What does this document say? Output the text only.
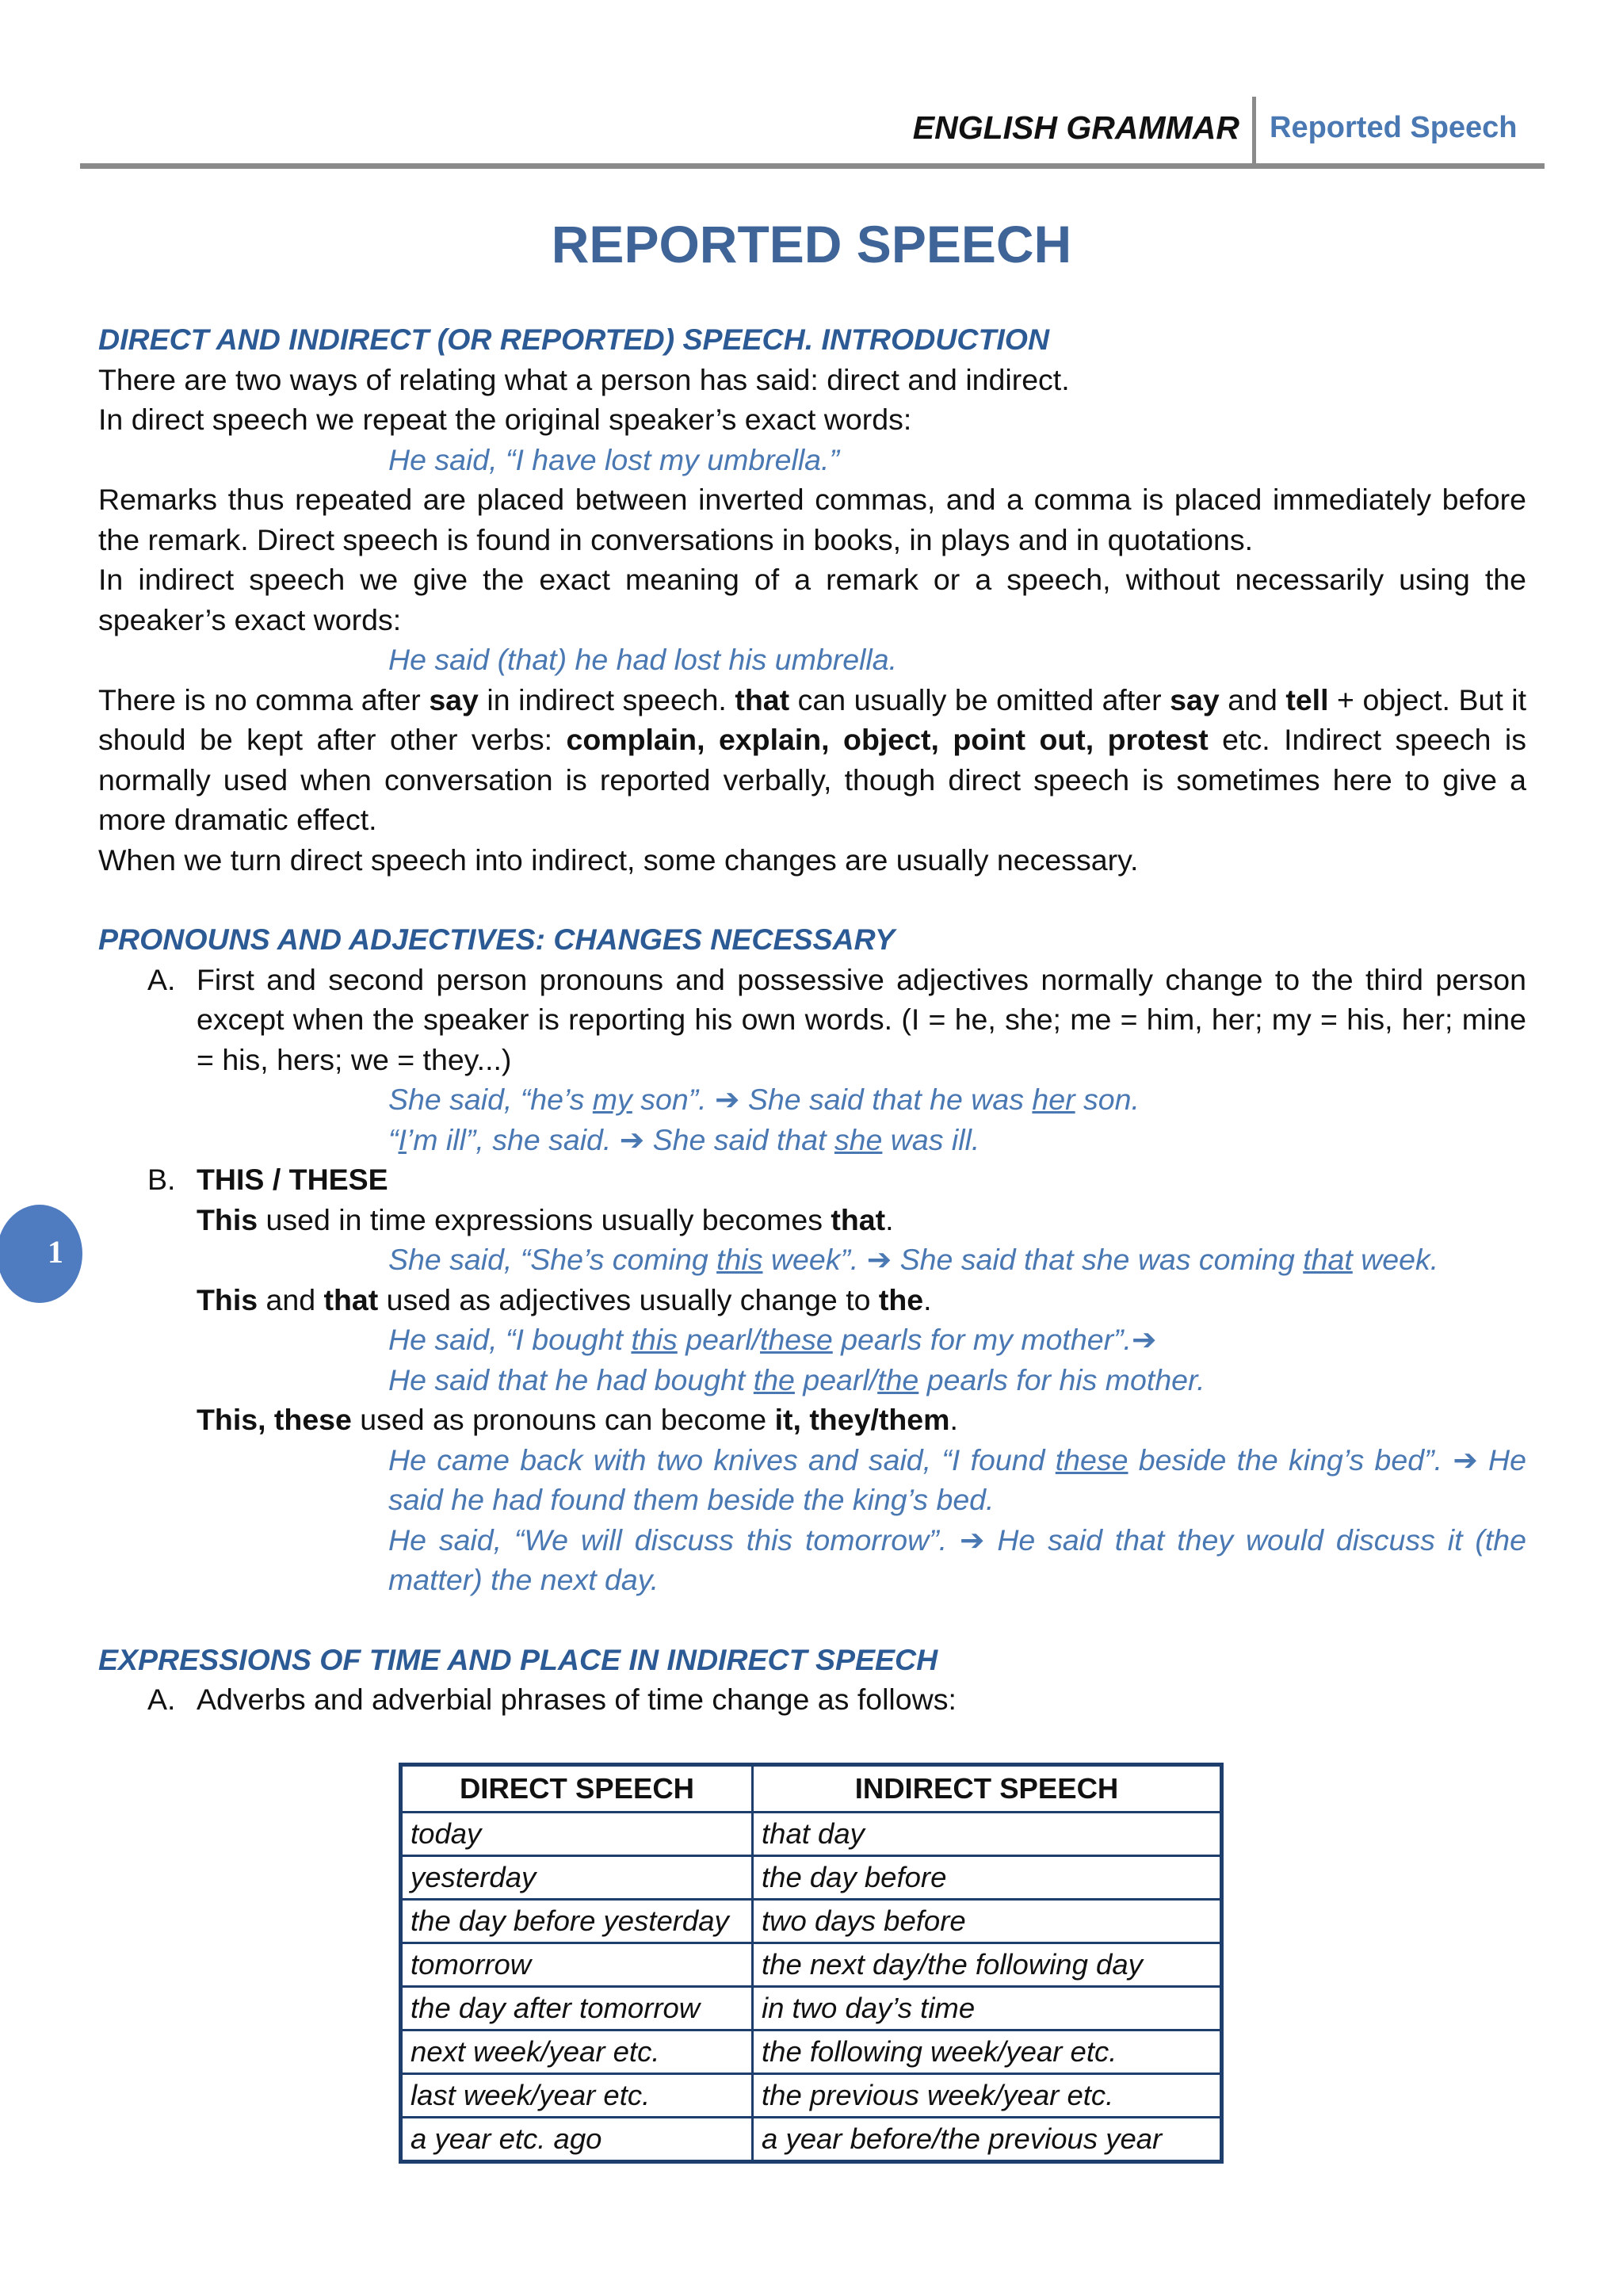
ENGLISH GRAMMAR Reported Speech
REPORTED SPEECH

DIRECT AND INDIRECT (OR REPORTED) SPEECH. INTRODUCTION

There are two ways of relating what a person has said: direct and indirect.

In direct speech we repeat the original speaker’s exact words:

He said, “I have lost my umbrella.”

Remarks thus repeated are placed between inverted commas, and a comma is placed immediately before the remark. Direct speech is found in conversations in books, in plays and in quotations.

In indirect speech we give the exact meaning of a remark or a speech, without necessarily using the speaker’s exact words:

He said (that) he had lost his umbrella.

There is no comma after say in indirect speech. that can usually be omitted after say and tell + object. But it should be kept after other verbs: complain, explain, object, point out, protest etc. Indirect speech is normally used when conversation is reported verbally, though direct speech is sometimes here to give a more dramatic effect.

When we turn direct speech into indirect, some changes are usually necessary.

PRONOUNS AND ADJECTIVES: CHANGES NECESSARY

A. First and second person pronouns and possessive adjectives normally change to the third person except when the speaker is reporting his own words. (I = he, she; me = him, her; my = his, her; mine = his, hers; we = they...)

She said, “he’s my son”. ➔ She said that he was her son.

“I’m ill”, she said. ➔ She said that she was ill.

B. THIS / THESE

This used in time expressions usually becomes that.

She said, “She’s coming this week”. ➔ She said that she was coming that week.

This and that used as adjectives usually change to the.

He said, “I bought this pearl/these pearls for my mother”.➔

He said that he had bought the pearl/the pearls for his mother.

This, these used as pronouns can become it, they/them.

He came back with two knives and said, “I found these beside the king’s bed”. ➔ He said he had found them beside the king’s bed.

He said, “We will discuss this tomorrow”. ➔ He said that they would discuss it (the matter) the next day.

EXPRESSIONS OF TIME AND PLACE IN INDIRECT SPEECH

A. Adverbs and adverbial phrases of time change as follows:
DIRECT SPEECH	INDIRECT SPEECH
today	that day
yesterday	the day before
the day before yesterday	two days before
tomorrow	the next day/the following day
the day after tomorrow	in two day’s time
next week/year etc.	the following week/year etc.
last week/year etc.	the previous week/year etc.
a year etc. ago	a year before/the previous year
1
